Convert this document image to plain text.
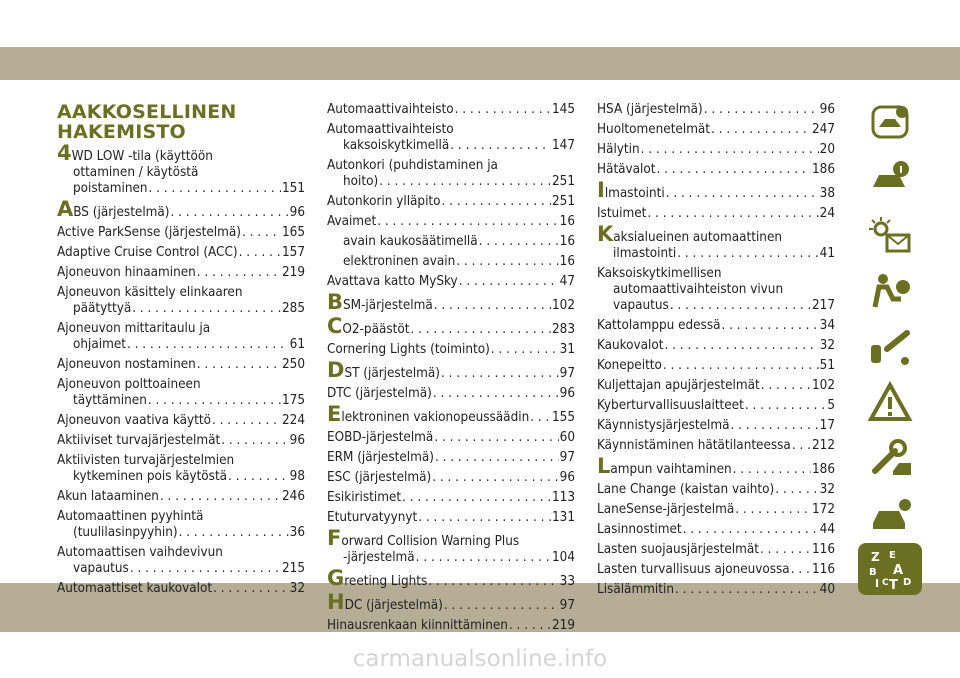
AAKKOSELLINEN
HAKEMISTO
4 WD LOW -tila (käyttöön
ottaminen / käytöstä
poistaminen . . .	151
A BS (järjestelmä) . . .	96
Active ParkSense (järjestelmä) . . .	165
Adaptive Cruise Control (ACC) . . .	157
Ajoneuvon hinaaminen . . .	219
Ajoneuvon käsittely elinkaaren
päätyttyä . . .	285
Ajoneuvon mittaritaulu ja
ohjaimet . . .	61
Ajoneuvon nostaminen . . .	250
Ajoneuvon polttoaineen
täyttäminen . . .	175
Ajoneuvon vaativa käyttö . . .	224
Aktiiviset turvajärjestelmät . . .	96
Aktiivisten turvajärjestelmien
kytkeminen pois käytöstä . . .	98
Akun lataaminen . . .	246
Automaattinen pyyhintä
(tuulilasinpyyhin) . . .	36
Automaattisen vaihdevivun
vapautus . . .	215
Automaattiset kaukovalot . . .	32
Automaattivaihteisto . . .	145
Automaattivaihteisto
kaksoiskytkimellä . . .	147
Autonkori (puhdistaminen ja
hoito) . . .	251
Autonkorin ylläpito . . .	251
Avaimet . . .	16
avain kaukosäätimellä . . .	16
elektroninen avain . . .	16
Avattava katto MySky . . .	47
B SM-järjestelmä . . .	102
C O2-päästöt . . .	283
Cornering Lights (toiminto) . . .	31
D ST (järjestelmä) . . .	97
DTC (järjestelmä) . . .	96
E lektroninen vakionopeussäädin . . . 155
EOBD-järjestelmä . . .	60
ERM (järjestelmä) . . .	97
ESC (järjestelmä) . . .	96
Esikiristimet . . .	113
Etuturvatyynyt . . .	131
F orward Collision Warning Plus
-järjestelmä . . .	104
G reeting Lights . . .	33
H DC (järjestelmä) . . .	97
Hinausrenkaan kiinnittäminen . . .	219
HSA (järjestelmä) . . .	96
Huoltomenetelmät . . .	247
Hälytin . . .	20
Hätävalot . . .	186
I lmastointi . . .	38
Istuimet . . .	24
K aksialueinen automaattinen
ilmastointi . . .	41
Kaksoiskytkimellisen
automaattivaihteiston vivun
vapautus . . .	217
Kattolamppu edessä . . .	34
Kaukovalot . . .	32
Konepeitto . . .	51
Kuljettajan apujärjestelmät . . .	102
Kyberturvallisuuslaitteet . . .	5
Käynnistysjärjestelmä . . .	17
Käynnistäminen hätätilanteessa . . . 212
L ampun vaihtaminen . . .	186
Lane Change (kaistan vaihto) . . .	32
LaneSense-järjestelmä . . .	172
Lasinnostimet . . .	44
Lasten suojausjärjestelmät . . .	116
Lasten turvallisuus ajoneuvossa . . . 116
Lisälämmitin . . .	40
Z E
B A
I C T D
carmanualsonline.info
